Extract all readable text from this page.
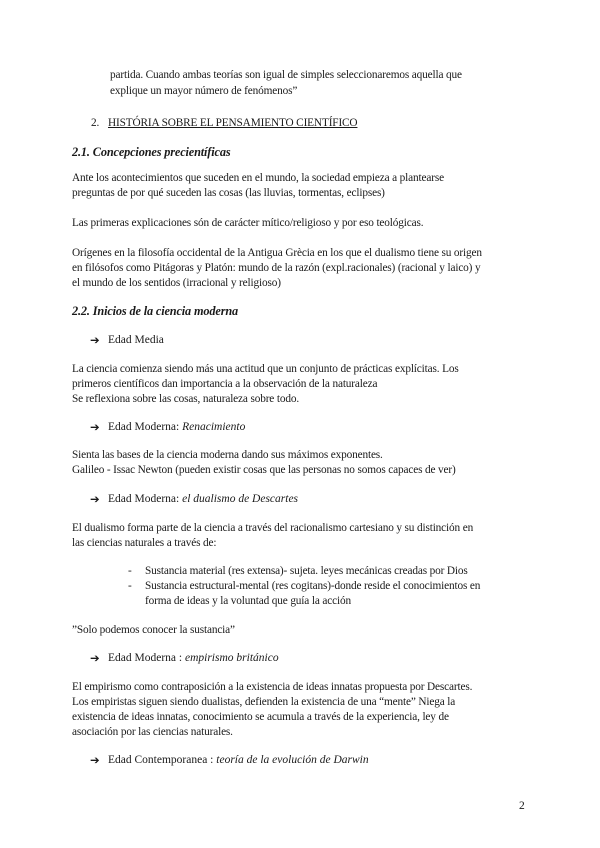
partida. Cuando ambas teorías son igual de simples seleccionaremos aquella que
explique un mayor número de fenómenos”
2. HISTÓRIA SOBRE EL PENSAMIENTO CIENTÍFICO
2.1. Concepciones precientíficas
Ante los acontecimientos que suceden en el mundo, la sociedad empieza a plantearse
preguntas de por qué suceden las cosas (las lluvias, tormentas, eclipses)
Las primeras explicaciones són de carácter mítico/religioso y por eso teológicas.
Orígenes en la filosofía occidental de la Antigua Grècia en los que el dualismo tiene su origen
en filósofos como Pitágoras y Platón: mundo de la razón (expl.racionales) (racional y laico) y
el mundo de los sentidos (irracional y religioso)
2.2. Inicios de la ciencia moderna
➔ Edad Media
La ciencia comienza siendo más una actitud que un conjunto de prácticas explícitas. Los
primeros científicos dan importancia a la observación de la naturaleza
Se reflexiona sobre las cosas, naturaleza sobre todo.
➔ Edad Moderna: Renacimiento
Sienta las bases de la ciencia moderna dando sus máximos exponentes.
Galileo - Issac Newton (pueden existir cosas que las personas no somos capaces de ver)
➔ Edad Moderna: el dualismo de Descartes
El dualismo forma parte de la ciencia a través del racionalismo cartesiano y su distinción en
las ciencias naturales a través de:
- Sustancia material (res extensa)- sujeta. leyes mecánicas creadas por Dios
- Sustancia estructural-mental (res cogitans)-donde reside el conocimientos en
forma de ideas y la voluntad que guía la acción
”Solo podemos conocer la sustancia”
➔ Edad Moderna : empirismo británico
El empirismo como contraposición a la existencia de ideas innatas propuesta por Descartes.
Los empiristas siguen siendo dualistas, defienden la existencia de una “mente” Niega la
existencia de ideas innatas, conocimiento se acumula a través de la experiencia, ley de
asociación por las ciencias naturales.
➔ Edad Contemporanea : teoría de la evolución de Darwin
2
